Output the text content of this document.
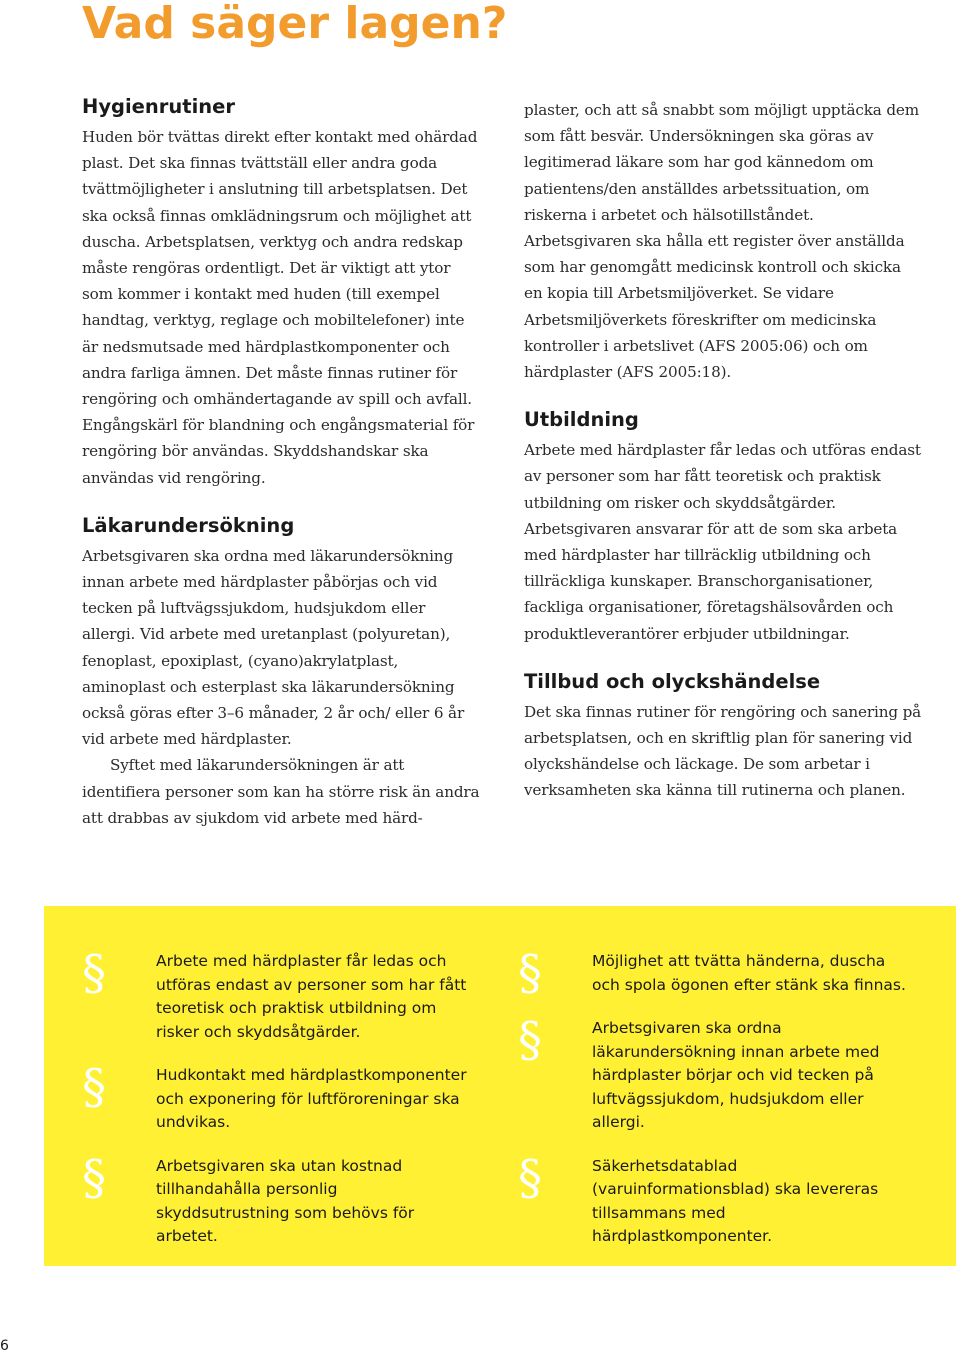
Vad säger lagen?
Hygienrutiner

Huden bör tvättas direkt efter kontakt med ohärdad plast. Det ska finnas tvättställ eller andra goda tvättmöjligheter i anslutning till arbetsplatsen. Det ska också finnas omklädningsrum och möjlighet att duscha. Arbetsplatsen, verktyg och andra redskap måste rengöras ordentligt. Det är viktigt att ytor som kommer i kontakt med huden (till exempel handtag, verktyg, reglage och mobiltelefoner) inte är nedsmutsade med härdplastkomponenter och andra farliga ämnen. Det måste finnas rutiner för rengöring och omhändertagande av spill och avfall. Engångskärl för blandning och engångsmaterial för rengöring bör användas. Skyddshandskar ska användas vid rengöring.

Läkarundersökning

Arbetsgivaren ska ordna med läkarundersökning innan arbete med härdplaster påbörjas och vid tecken på luftvägssjukdom, hudsjukdom eller allergi. Vid arbete med uretanplast (polyuretan), fenoplast, epoxiplast, (cyano)akrylatplast, aminoplast och esterplast ska läkarundersökning också göras efter 3–6 månader, 2 år och/ eller 6 år vid arbete med härdplaster.

Syftet med läkarundersökningen är att identifiera personer som kan ha större risk än andra att drabbas av sjukdom vid arbete med härd-

plaster, och att så snabbt som möjligt upptäcka dem som fått besvär. Undersökningen ska göras av legitimerad läkare som har god kännedom om patientens/den anställdes arbetssituation, om riskerna i arbetet och hälsotillståndet. Arbetsgivaren ska hålla ett register över anställda som har genomgått medicinsk kontroll och skicka en kopia till Arbetsmiljöverket. Se vidare Arbetsmiljöverkets föreskrifter om medicinska kontroller i arbetslivet (AFS 2005:06) och om härdplaster (AFS 2005:18).

Utbildning

Arbete med härdplaster får ledas och utföras endast av personer som har fått teoretisk och praktisk utbildning om risker och skyddsåtgärder. Arbetsgivaren ansvarar för att de som ska arbeta med härdplaster har tillräcklig utbildning och tillräckliga kunskaper. Branschorganisationer, fackliga organisationer, företagshälsovården och produktleverantörer erbjuder utbildningar.

Tillbud och olyckshändelse

Det ska finnas rutiner för rengöring och sanering på arbetsplatsen, och en skriftlig plan för sanering vid olyckshändelse och läckage. De som arbetar i verksamheten ska känna till rutinerna och planen.

§	Arbete med härdplaster får ledas och utföras endast av personer som har fått teoretisk och praktisk utbildning om risker och skyddsåtgärder.

§	Hudkontakt med härdplastkomponenter och exponering för luftföroreningar ska undvikas.

§	Arbetsgivaren ska utan kostnad tillhandahålla personlig skyddsutrustning som behövs för arbetet.

§	Möjlighet att tvätta händerna, duscha och spola ögonen efter stänk ska finnas.

§	Arbetsgivaren ska ordna läkarundersökning innan arbete med härdplaster börjar och vid tecken på luftvägssjukdom, hudsjukdom eller allergi.

§	Säkerhetsdatablad (varuinformationsblad) ska levereras tillsammans med härdplastkomponenter.

6
